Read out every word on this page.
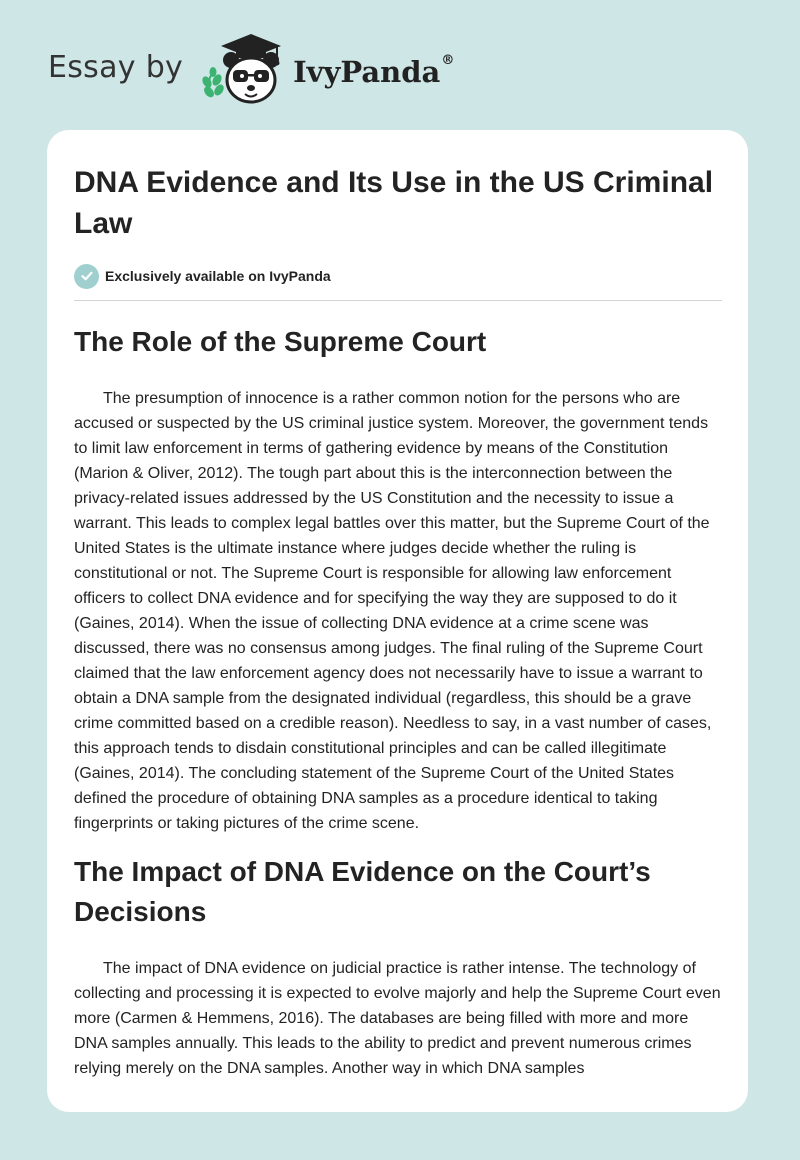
Essay by	IvyPanda®
DNA Evidence and Its Use in the US Criminal Law
Exclusively available on IvyPanda
The Role of the Supreme Court

The presumption of innocence is a rather common notion for the persons who are accused or suspected by the US criminal justice system. Moreover, the government tends to limit law enforcement in terms of gathering evidence by means of the Constitution (Marion & Oliver, 2012). The tough part about this is the interconnection between the privacy-related issues addressed by the US Constitution and the necessity to issue a warrant. This leads to complex legal battles over this matter, but the Supreme Court of the United States is the ultimate instance where judges decide whether the ruling is constitutional or not. The Supreme Court is responsible for allowing law enforcement officers to collect DNA evidence and for specifying the way they are supposed to do it (Gaines, 2014). When the issue of collecting DNA evidence at a crime scene was discussed, there was no consensus among judges. The final ruling of the Supreme Court claimed that the law enforcement agency does not necessarily have to issue a warrant to obtain a DNA sample from the designated individual (regardless, this should be a grave crime committed based on a credible reason). Needless to say, in a vast number of cases, this approach tends to disdain constitutional principles and can be called illegitimate (Gaines, 2014). The concluding statement of the Supreme Court of the United States defined the procedure of obtaining DNA samples as a procedure identical to taking fingerprints or taking pictures of the crime scene.

The Impact of DNA Evidence on the Court’s Decisions

The impact of DNA evidence on judicial practice is rather intense. The technology of collecting and processing it is expected to evolve majorly and help the Supreme Court even more (Carmen & Hemmens, 2016). The databases are being filled with more and more DNA samples annually. This leads to the ability to predict and prevent numerous crimes relying merely on the DNA samples. Another way in which DNA samples
